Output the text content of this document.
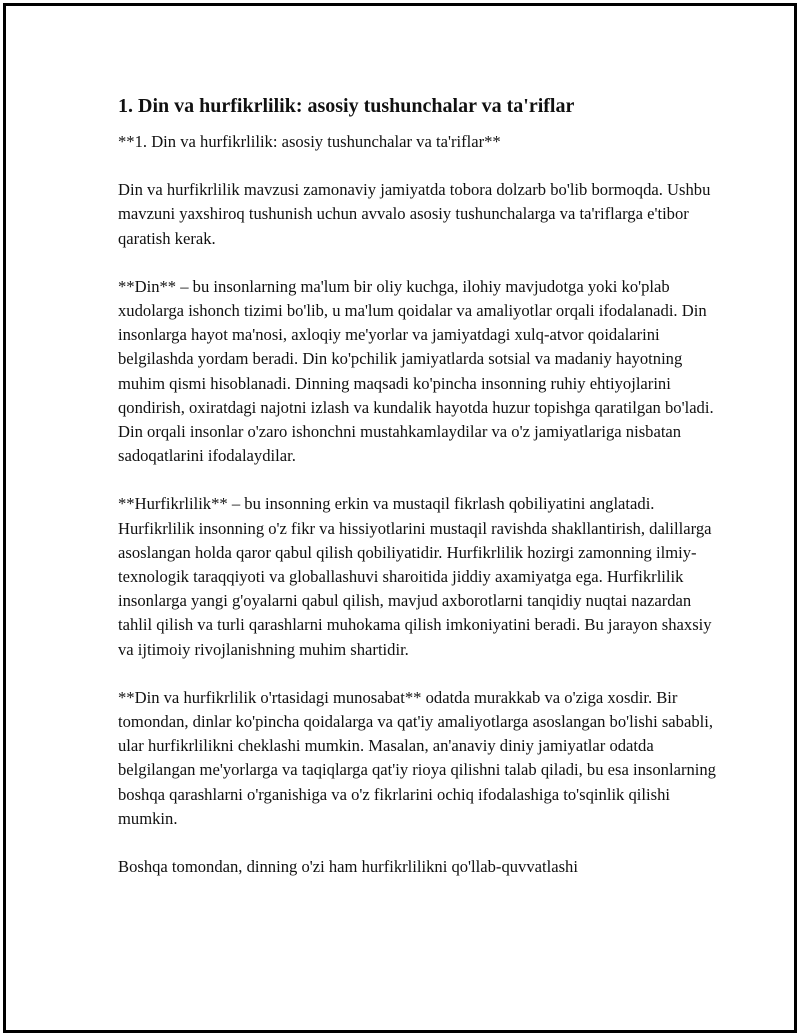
1. Din va hurfikrlilik: asosiy tushunchalar va ta'riflar

**1. Din va hurfikrlilik: asosiy tushunchalar va ta'riflar**

Din va hurfikrlilik mavzusi zamonaviy jamiyatda tobora dolzarb bo'lib bormoqda. Ushbu mavzuni yaxshiroq tushunish uchun avvalo asosiy tushunchalarga va ta'riflarga e'tibor qaratish kerak.

**Din** – bu insonlarning ma'lum bir oliy kuchga, ilohiy mavjudotga yoki ko'plab xudolarga ishonch tizimi bo'lib, u ma'lum qoidalar va amaliyotlar orqali ifodalanadi. Din insonlarga hayot ma'nosi, axloqiy me'yorlar va jamiyatdagi xulq-atvor qoidalarini belgilashda yordam beradi. Din ko'pchilik jamiyatlarda sotsial va madaniy hayotning muhim qismi hisoblanadi. Dinning maqsadi ko'pincha insonning ruhiy ehtiyojlarini qondirish, oxiratdagi najotni izlash va kundalik hayotda huzur topishga qaratilgan bo'ladi. Din orqali insonlar o'zaro ishonchni mustahkamlaydilar va o'z jamiyatlariga nisbatan sadoqatlarini ifodalaydilar.

**Hurfikrlilik** – bu insonning erkin va mustaqil fikrlash qobiliyatini anglatadi. Hurfikrlilik insonning o'z fikr va hissiyotlarini mustaqil ravishda shakllantirish, dalillarga asoslangan holda qaror qabul qilish qobiliyatidir. Hurfikrlilik hozirgi zamonning ilmiy-texnologik taraqqiyoti va globallashuvi sharoitida jiddiy axamiyatga ega. Hurfikrlilik insonlarga yangi g'oyalarni qabul qilish, mavjud axborotlarni tanqidiy nuqtai nazardan tahlil qilish va turli qarashlarni muhokama qilish imkoniyatini beradi. Bu jarayon shaxsiy va ijtimoiy rivojlanishning muhim shartidir.

**Din va hurfikrlilik o'rtasidagi munosabat** odatda murakkab va o'ziga xosdir. Bir tomondan, dinlar ko'pincha qoidalarga va qat'iy amaliyotlarga asoslangan bo'lishi sababli, ular hurfikrlilikni cheklashi mumkin. Masalan, an'anaviy diniy jamiyatlar odatda belgilangan me'yorlarga va taqiqlarga qat'iy rioya qilishni talab qiladi, bu esa insonlarning boshqa qarashlarni o'rganishiga va o'z fikrlarini ochiq ifodalashiga to'sqinlik qilishi mumkin.

Boshqa tomondan, dinning o'zi ham hurfikrlilikni qo'llab-quvvatlashi
